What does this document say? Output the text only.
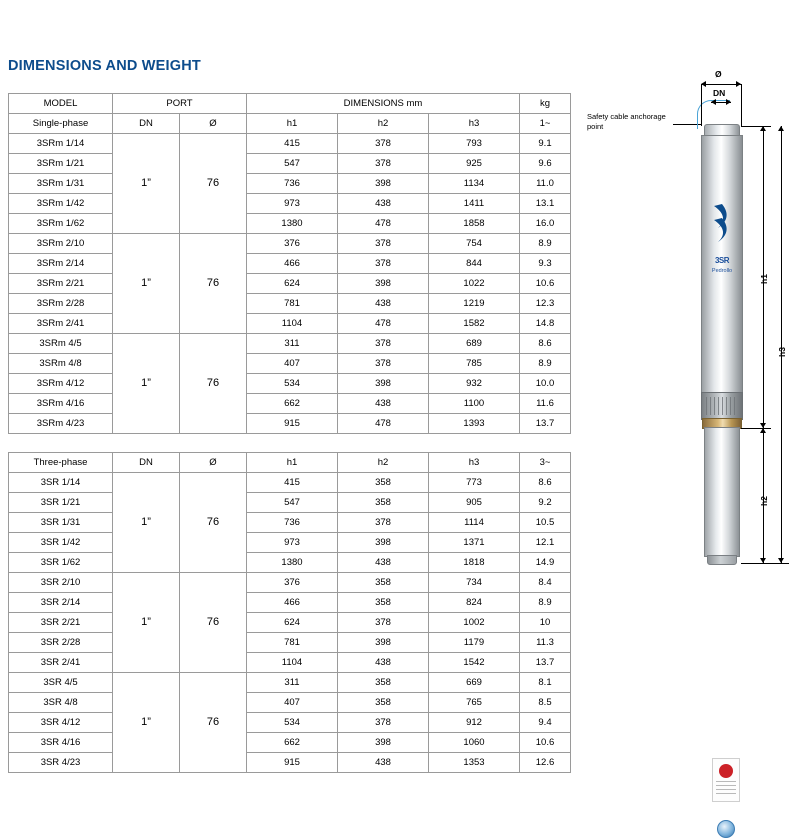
DIMENSIONS AND WEIGHT
MODEL	PORT		DIMENSIONS mm			kg
Single-phase	DN	Ø	h1	h2	h3	1~
3SRm 1/14	1”	76	415	378	793	9.1
3SRm 1/21			547	378	925	9.6
3SRm 1/31			736	398	1134	11.0
3SRm 1/42			973	438	1411	13.1
3SRm 1/62			1380	478	1858	16.0
3SRm 2/10	1”	76	376	378	754	8.9
3SRm 2/14			466	378	844	9.3
3SRm 2/21			624	398	1022	10.6
3SRm 2/28			781	438	1219	12.3
3SRm 2/41			1104	478	1582	14.8
3SRm 4/5	1”	76	311	378	689	8.6
3SRm 4/8			407	378	785	8.9
3SRm 4/12			534	398	932	10.0
3SRm 4/16			662	438	1100	11.6
3SRm 4/23			915	478	1393	13.7
Three-phase	DN	Ø	h1	h2	h3	3~
3SR 1/14	1”	76	415	358	773	8.6
3SR 1/21			547	358	905	9.2
3SR 1/31			736	378	1114	10.5
3SR 1/42			973	398	1371	12.1
3SR 1/62			1380	438	1818	14.9
3SR 2/10	1”	76	376	358	734	8.4
3SR 2/14			466	358	824	8.9
3SR 2/21			624	378	1002	10
3SR 2/28			781	398	1179	11.3
3SR 2/41			1104	438	1542	13.7
3SR 4/5	1”	76	311	358	669	8.1
3SR 4/8			407	358	765	8.5
3SR 4/12			534	378	912	9.4
3SR 4/16			662	398	1060	10.6
3SR 4/23			915	438	1353	12.6
Safety cable anchorage point
Ø
DN
3SR
Pedrollo
h1
h3
h2
